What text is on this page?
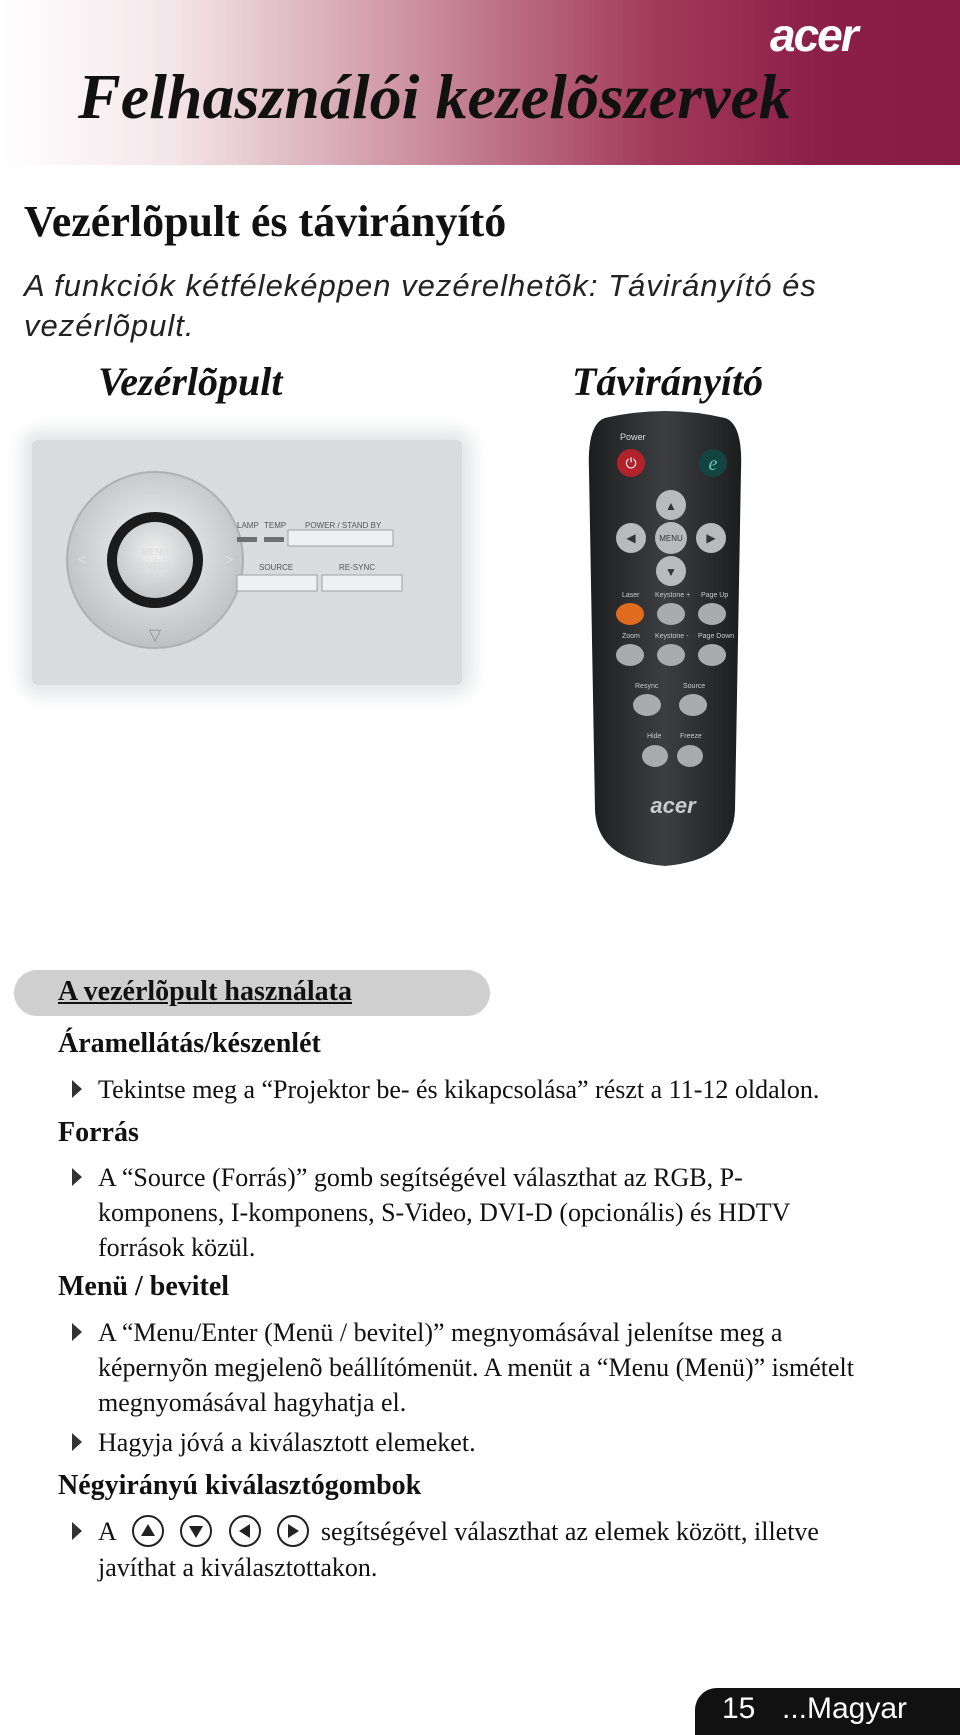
acer
Felhasználói kezelõszervek
Vezérlõpult és távirányító
A funkciók kétféleképpen vezérelhetõk: Távirányító és vezérlõpult.
Vezérlõpult	Távirányító
MENU
ENTER
△
▽
<	>
LAMP TEMP POWER / STAND BY
SOURCE	RE-SYNC
Power
⏻	e
▲
◀	MENU ▶
▼
Laser Keystone + Page Up
Zoom Keystone - Page Down
Resync	Source
Hide	Freeze
acer
A vezérlõpult használata
Áramellátás/készenlét
Tekintse meg a “Projektor be- és kikapcsolása” részt a 11-12 oldalon.
Forrás
A “Source (Forrás)” gomb segítségével választhat az RGB, P-komponens, I-komponens, S-Video, DVI-D (opcionális) és HDTV források közül.
Menü / bevitel
A “Menu/Enter (Menü / bevitel)” megnyomásával jelenítse meg a képernyõn megjelenõ beállítómenüt. A menüt a “Menu (Menü)” ismételt megnyomásával hagyhatja el.
Hagyja jóvá a kiválasztott elemeket.
Négyirányú kiválasztógombok
A	segítségével választhat az elemek között, illetve javíthat a kiválasztottakon.
15 ...Magyar
